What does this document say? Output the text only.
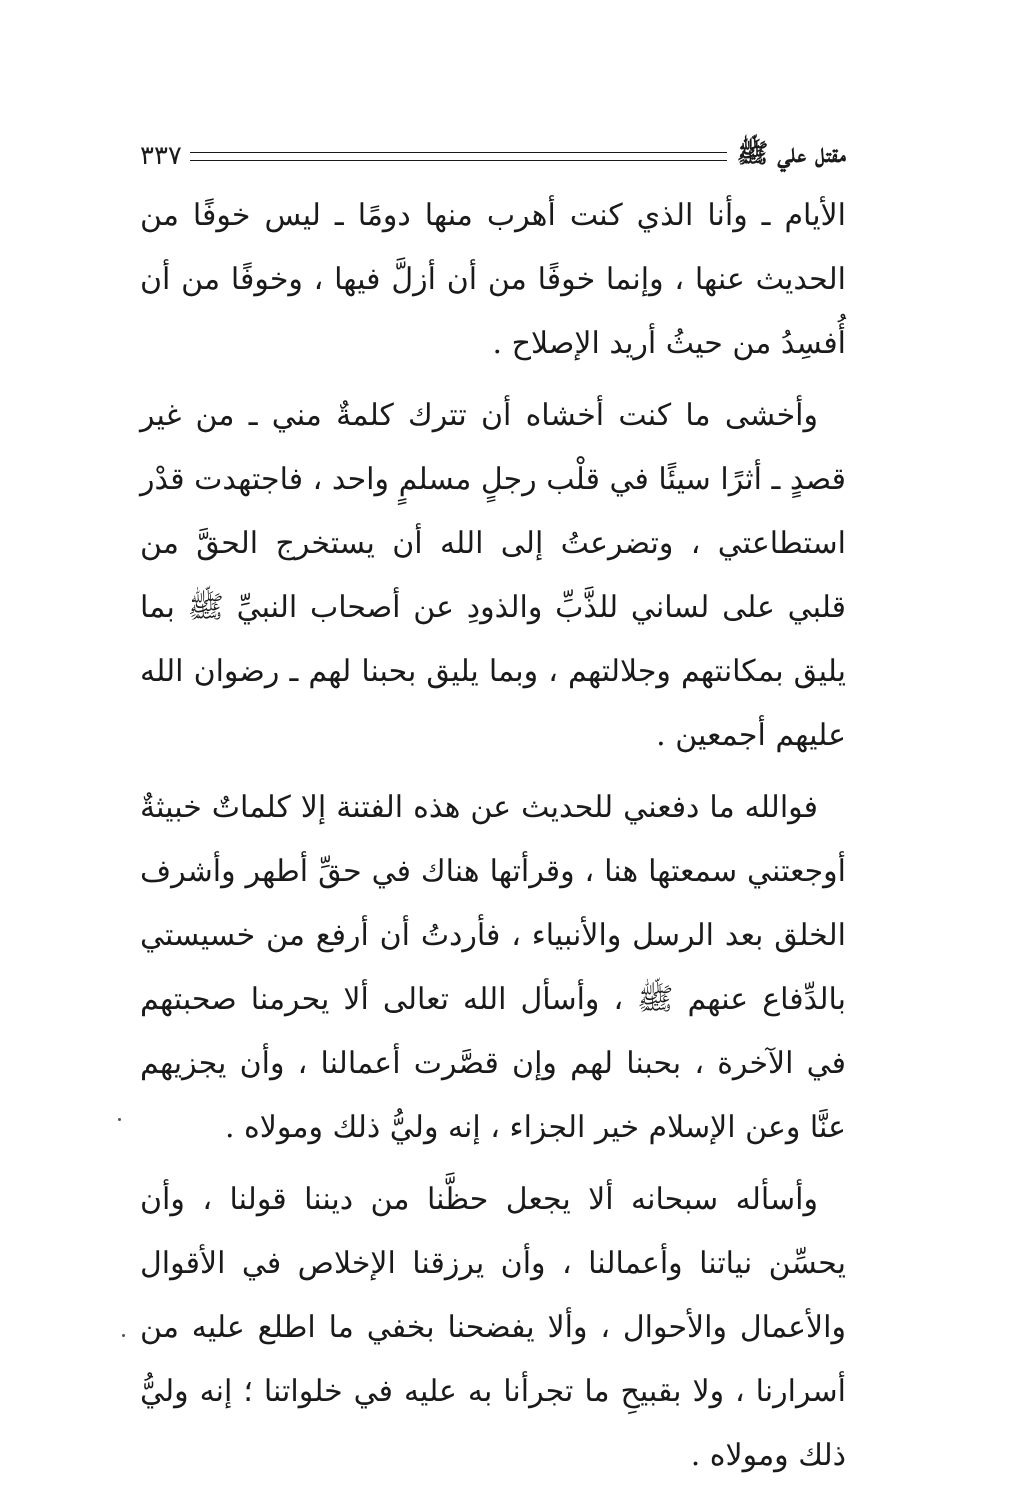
مقتل علي ﷺ
٣٣٧

الأيام ـ وأنا الذي كنت أهرب منها دومًا ـ ليس خوفًا من الحديث عنها ، وإنما خوفًا من أن أزلَّ فيها ، وخوفًا من أن أُفسِدُ من حيثُ أريد الإصلاح .

وأخشى ما كنت أخشاه أن تترك كلمةٌ مني ـ من غير قصدٍ ـ أثرًا سيئًا في قلْب رجلٍ مسلمٍ واحد ، فاجتهدت قدْر استطاعتي ، وتضرعتُ إلى الله أن يستخرج الحقَّ من قلبي على لساني للذَّبِّ والذودِ عن أصحاب النبيِّ ﷺ بما يليق بمكانتهم وجلالتهم ، وبما يليق بحبنا لهم ـ رضوان الله عليهم أجمعين .

فوالله ما دفعني للحديث عن هذه الفتنة إلا كلماتٌ خبيثةٌ أوجعتني سمعتها هنا ، وقرأتها هناك في حقِّ أطهر وأشرف الخلق بعد الرسل والأنبياء ، فأردتُ أن أرفع من خسيستي بالدِّفاع عنهم ﷺ ، وأسأل الله تعالى ألا يحرمنا صحبتهم في الآخرة ، بحبنا لهم وإن قصَّرت أعمالنا ، وأن يجزيهم عنَّا وعن الإسلام خير الجزاء ، إنه وليُّ ذلك ومولاه .

وأسأله سبحانه ألا يجعل حظَّنا من ديننا قولنا ، وأن يحسِّن نياتنا وأعمالنا ، وأن يرزقنا الإخلاص في الأقوال والأعمال والأحوال ، وألا يفضحنا بخفي ما اطلع عليه من أسرارنا ، ولا بقبيحِ ما تجرأنا به عليه في خلواتنا ؛ إنه وليُّ ذلك ومولاه .
